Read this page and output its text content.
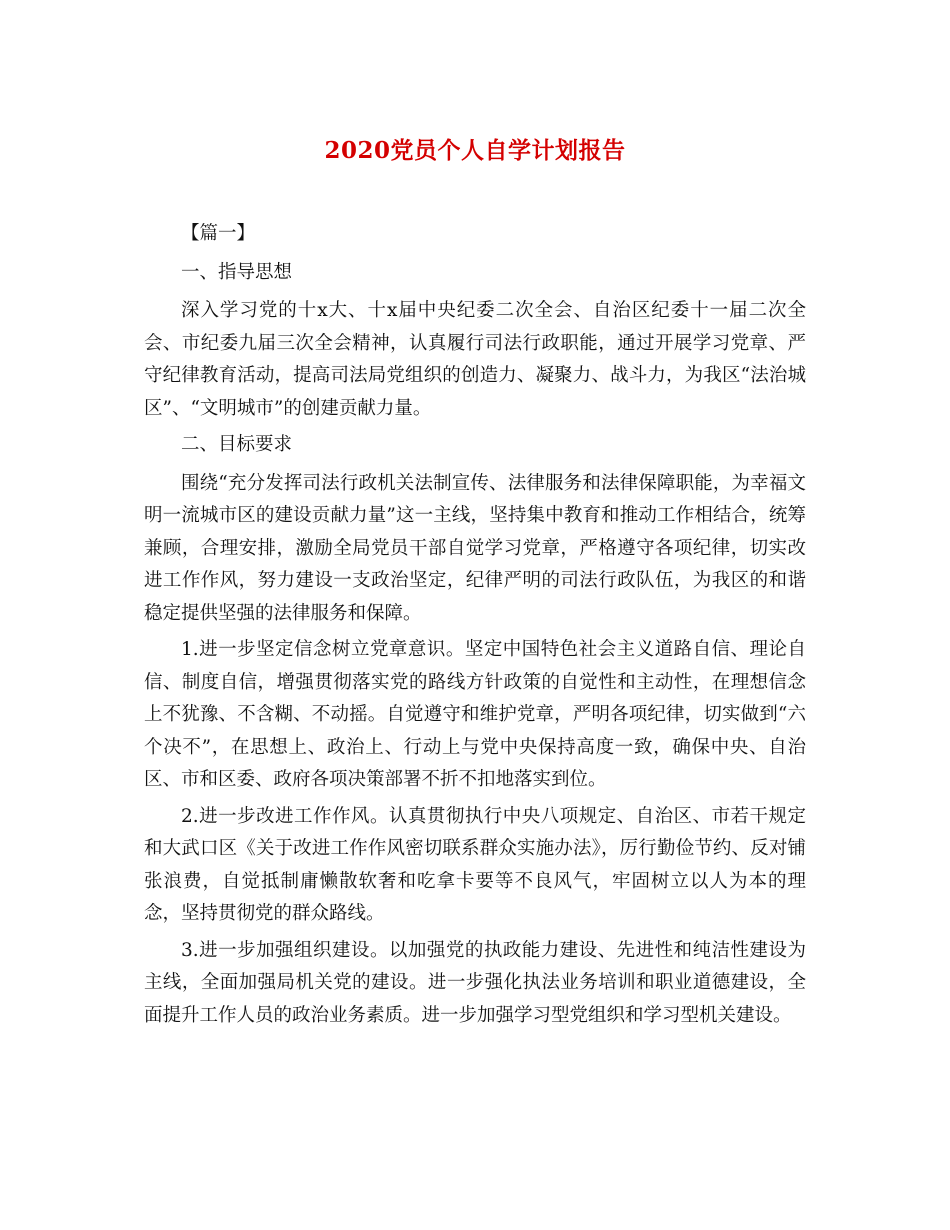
2020党员个人自学计划报告

【篇一】

一、指导思想

深入学习党的十x大、十x届中央纪委二次全会、自治区纪委十一届二次全会、市纪委九届三次全会精神，认真履行司法行政职能，通过开展学习党章、严守纪律教育活动，提高司法局党组织的创造力、凝聚力、战斗力，为我区“法治城区”、“文明城市”的创建贡献力量。

二、目标要求

围绕“充分发挥司法行政机关法制宣传、法律服务和法律保障职能，为幸福文明一流城市区的建设贡献力量”这一主线，坚持集中教育和推动工作相结合，统筹兼顾，合理安排，激励全局党员干部自觉学习党章，严格遵守各项纪律，切实改进工作作风，努力建设一支政治坚定，纪律严明的司法行政队伍，为我区的和谐稳定提供坚强的法律服务和保障。

1.进一步坚定信念树立党章意识。坚定中国特色社会主义道路自信、理论自信、制度自信，增强贯彻落实党的路线方针政策的自觉性和主动性，在理想信念上不犹豫、不含糊、不动摇。自觉遵守和维护党章，严明各项纪律，切实做到“六个决不”，在思想上、政治上、行动上与党中央保持高度一致，确保中央、自治区、市和区委、政府各项决策部署不折不扣地落实到位。

2.进一步改进工作作风。认真贯彻执行中央八项规定、自治区、市若干规定和大武口区《关于改进工作作风密切联系群众实施办法》，厉行勤俭节约、反对铺张浪费，自觉抵制庸懒散软奢和吃拿卡要等不良风气，牢固树立以人为本的理念，坚持贯彻党的群众路线。

3.进一步加强组织建设。以加强党的执政能力建设、先进性和纯洁性建设为主线，全面加强局机关党的建设。进一步强化执法业务培训和职业道德建设，全面提升工作人员的政治业务素质。进一步加强学习型党组织和学习型机关建设。
